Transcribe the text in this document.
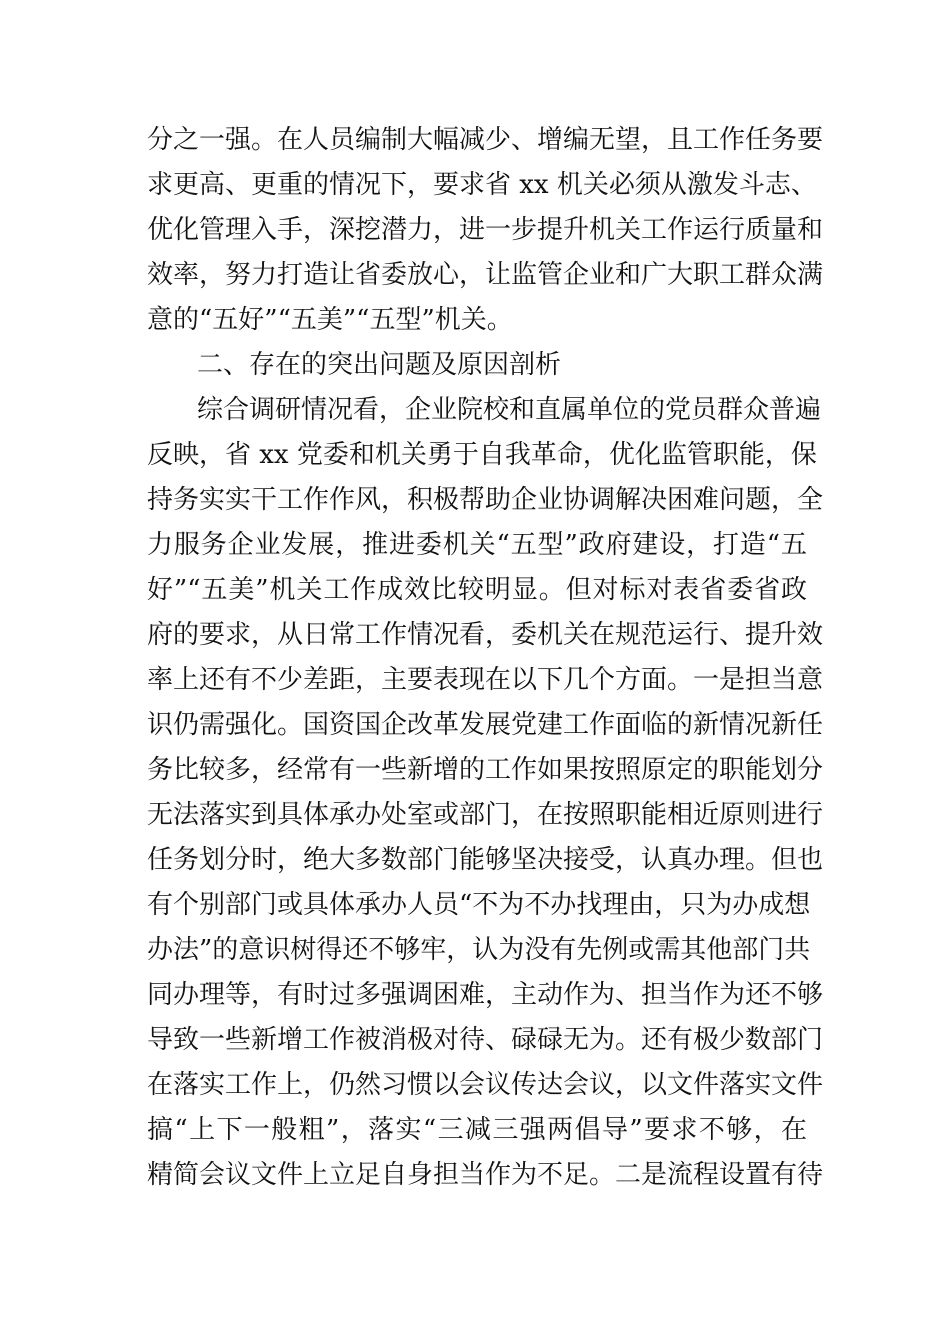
分之一强。在人员编制大幅减少、增编无望，且工作任务要
求更高、更重的情况下，要求省 xx 机关必须从激发斗志、
优化管理入手，深挖潜力，进一步提升机关工作运行质量和
效率，努力打造让省委放心，让监管企业和广大职工群众满
意的“五好”“五美”“五型”机关。
二、存在的突出问题及原因剖析
综合调研情况看，企业院校和直属单位的党员群众普遍
反映，省 xx 党委和机关勇于自我革命，优化监管职能，保
持务实实干工作作风，积极帮助企业协调解决困难问题，全
力服务企业发展，推进委机关“五型”政府建设，打造“五
好”“五美”机关工作成效比较明显。但对标对表省委省政
府的要求，从日常工作情况看，委机关在规范运行、提升效
率上还有不少差距，主要表现在以下几个方面。一是担当意
识仍需强化。国资国企改革发展党建工作面临的新情况新任
务比较多，经常有一些新增的工作如果按照原定的职能划分
无法落实到具体承办处室或部门，在按照职能相近原则进行
任务划分时，绝大多数部门能够坚决接受，认真办理。但也
有个别部门或具体承办人员“不为不办找理由，只为办成想
办法”的意识树得还不够牢，认为没有先例或需其他部门共
同办理等，有时过多强调困难，主动作为、担当作为还不够
导致一些新增工作被消极对待、碌碌无为。还有极少数部门
在落实工作上，仍然习惯以会议传达会议，以文件落实文件
搞“上下一般粗”，落实“三减三强两倡导”要求不够，在
精简会议文件上立足自身担当作为不足。二是流程设置有待
